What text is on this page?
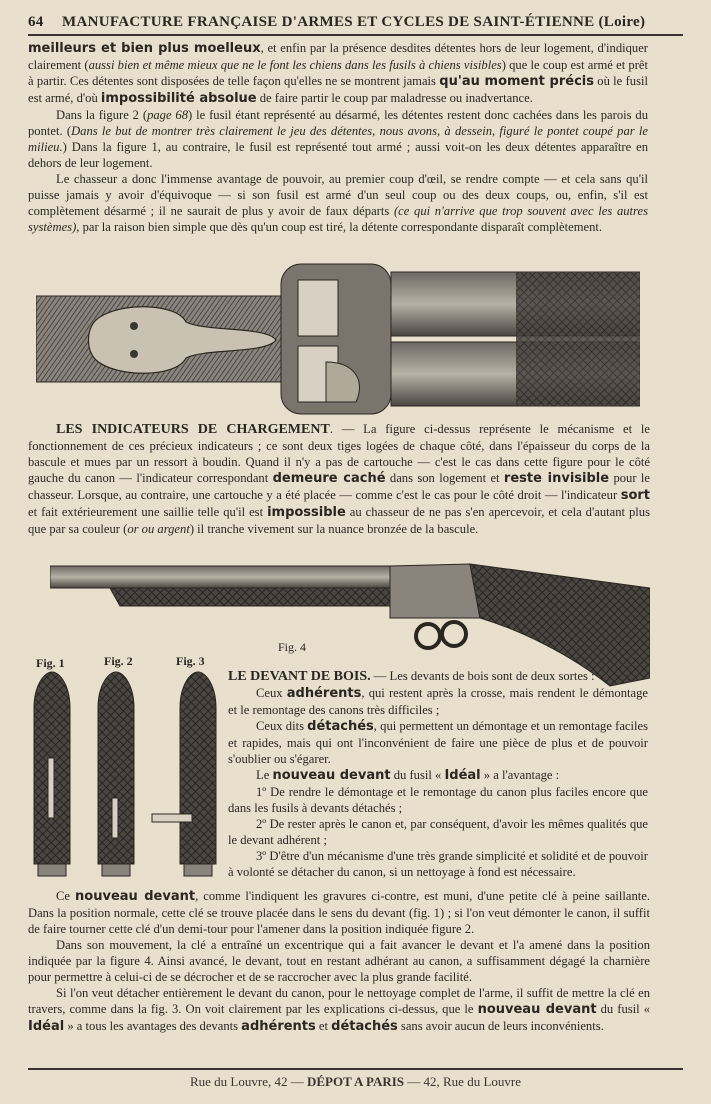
64	MANUFACTURE FRANÇAISE D'ARMES ET CYCLES DE SAINT-ÉTIENNE (Loire)

meilleurs et bien plus moelleux, et enfin par la présence desdites détentes hors de leur logement, d'indiquer clairement (aussi bien et même mieux que ne le font les chiens dans les fusils à chiens visibles) que le coup est armé et prêt à partir. Ces détentes sont disposées de telle façon qu'elles ne se montrent jamais qu'au moment précis où le fusil est armé, d'où impossibilité absolue de faire partir le coup par maladresse ou inadvertance.

Dans la figure 2 (page 68) le fusil étant représenté au désarmé, les détentes restent donc cachées dans les parois du pontet. (Dans le but de montrer très clairement le jeu des détentes, nous avons, à dessein, figuré le pontet coupé par le milieu.) Dans la figure 1, au contraire, le fusil est représenté tout armé ; aussi voit-on les deux détentes apparaître en dehors de leur logement.

Le chasseur a donc l'immense avantage de pouvoir, au premier coup d'œil, se rendre compte — et cela sans qu'il puisse jamais y avoir d'équivoque — si son fusil est armé d'un seul coup ou des deux coups, ou, enfin, s'il est complètement désarmé ; il ne saurait de plus y avoir de faux départs (ce qui n'arrive que trop souvent avec les autres systèmes), par la raison bien simple que dès qu'un coup est tiré, la détente correspondante disparaît complètement.

LES INDICATEURS DE CHARGEMENT. — La figure ci-dessus représente le mécanisme et le fonctionnement de ces précieux indicateurs ; ce sont deux tiges logées de chaque côté, dans l'épaisseur du corps de la bascule et mues par un ressort à boudin. Quand il n'y a pas de cartouche — c'est le cas dans cette figure pour le côté gauche du canon — l'indicateur correspondant demeure caché dans son logement et reste invisible pour le chasseur. Lorsque, au contraire, une cartouche y a été placée — comme c'est le cas pour le côté droit — l'indicateur sort et fait extérieurement une saillie telle qu'il est impossible au chasseur de ne pas s'en apercevoir, et cela d'autant plus que par sa couleur (or ou argent) il tranche vivement sur la nuance bronzée de la bascule.

Fig. 4
Fig. 1	Fig. 2	Fig. 3

LE DEVANT DE BOIS. — Les devants de bois sont de deux sortes :

Ceux adhérents, qui restent après la crosse, mais rendent le démontage et le remontage des canons très difficiles ;

Ceux dits détachés, qui permettent un démontage et un remontage faciles et rapides, mais qui ont l'inconvénient de faire une pièce de plus et de pouvoir s'oublier ou s'égarer.

Le nouveau devant du fusil « Idéal » a l'avantage :

1º De rendre le démontage et le remontage du canon plus faciles encore que dans les fusils à devants détachés ;

2º De rester après le canon et, par conséquent, d'avoir les mêmes qualités que le devant adhérent ;

3º D'être d'un mécanisme d'une très grande simplicité et solidité et de pouvoir à volonté se détacher du canon, si un nettoyage à fond est nécessaire.

Ce nouveau devant, comme l'indiquent les gravures ci-contre, est muni, d'une petite clé à peine saillante. Dans la position normale, cette clé se trouve placée dans le sens du devant (fig. 1) ; si l'on veut démonter le canon, il suffit de faire tourner cette clé d'un demi-tour pour l'amener dans la position indiquée figure 2.

Dans son mouvement, la clé a entraîné un excentrique qui a fait avancer le devant et l'a amené dans la position indiquée par la figure 4. Ainsi avancé, le devant, tout en restant adhérant au canon, a suffisamment dégagé la charnière pour permettre à celui-ci de se décrocher et de se raccrocher avec la plus grande facilité.

Si l'on veut détacher entièrement le devant du canon, pour le nettoyage complet de l'arme, il suffit de mettre la clé en travers, comme dans la fig. 3. On voit clairement par les explications ci-dessus, que le nouveau devant du fusil « Idéal » a tous les avantages des devants adhérents et détachés sans avoir aucun de leurs inconvénients.

Rue du Louvre, 42 — DÉPOT A PARIS — 42, Rue du Louvre
